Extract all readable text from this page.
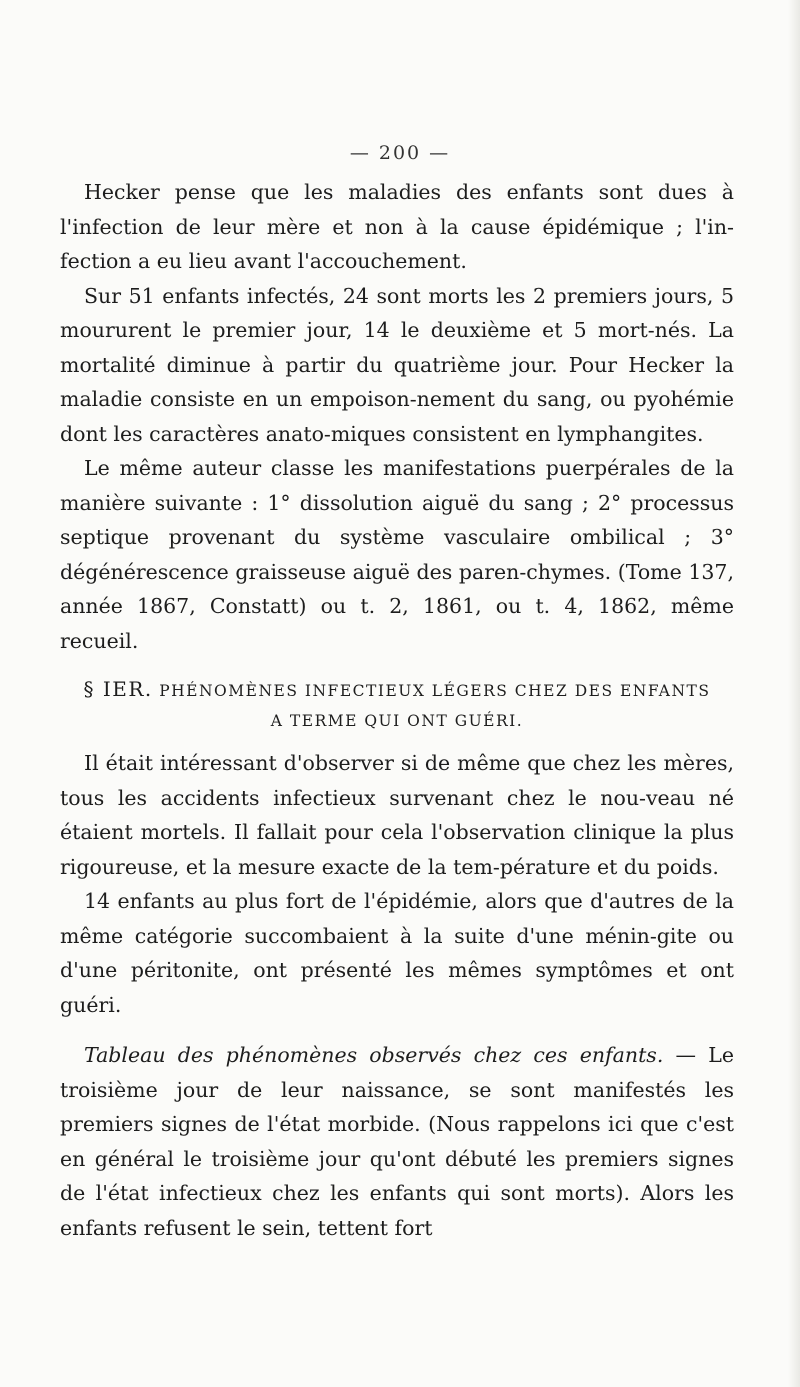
— 200 —

Hecker pense que les maladies des enfants sont dues à l'infection de leur mère et non à la cause épidémique ; l'in-fection a eu lieu avant l'accouchement.

Sur 51 enfants infectés, 24 sont morts les 2 premiers jours, 5 moururent le premier jour, 14 le deuxième et 5 mort-nés. La mortalité diminue à partir du quatrième jour. Pour Hecker la maladie consiste en un empoison-nement du sang, ou pyohémie dont les caractères anato-miques consistent en lymphangites.

Le même auteur classe les manifestations puerpérales de la manière suivante : 1° dissolution aiguë du sang ; 2° processus septique provenant du système vasculaire ombilical ; 3° dégénérescence graisseuse aiguë des paren-chymes. (Tome 137, année 1867, Constatt) ou t. 2, 1861, ou t. 4, 1862, même recueil.

§ IER. PHÉNOMÈNES INFECTIEUX LÉGERS CHEZ DES ENFANTS
A TERME QUI ONT GUÉRI.

Il était intéressant d'observer si de même que chez les mères, tous les accidents infectieux survenant chez le nou-veau né étaient mortels. Il fallait pour cela l'observation clinique la plus rigoureuse, et la mesure exacte de la tem-pérature et du poids.

14 enfants au plus fort de l'épidémie, alors que d'autres de la même catégorie succombaient à la suite d'une ménin-gite ou d'une péritonite, ont présenté les mêmes symptômes et ont guéri.

Tableau des phénomènes observés chez ces enfants. — Le troisième jour de leur naissance, se sont manifestés les premiers signes de l'état morbide. (Nous rappelons ici que c'est en général le troisième jour qu'ont débuté les premiers signes de l'état infectieux chez les enfants qui sont morts). Alors les enfants refusent le sein, tettent fort
